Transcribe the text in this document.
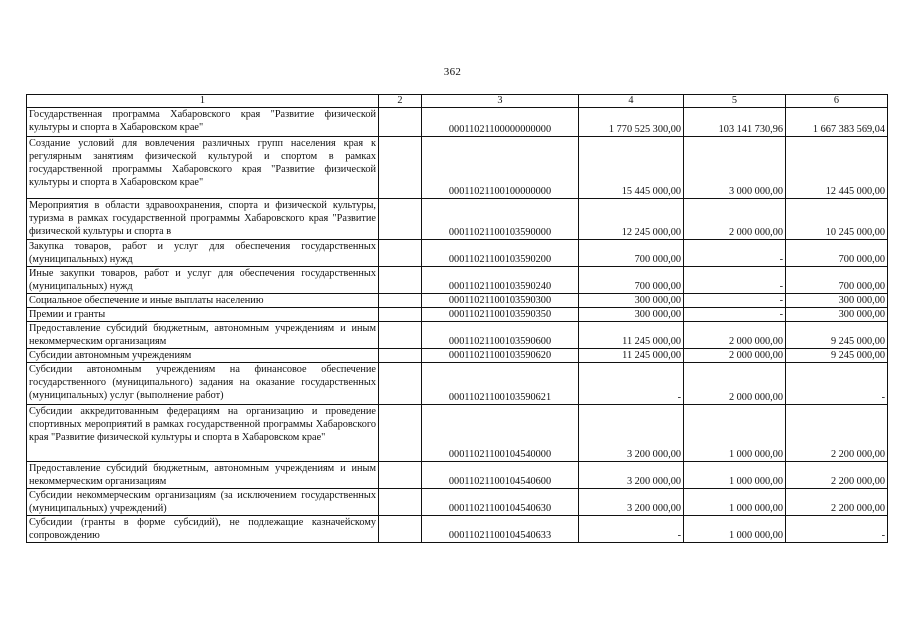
362
1	2	3	4	5	6
Государственная программа Хабаровского края "Развитие физической культуры и спорта в Хабаровском крае"		00011021100000000000	1 770 525 300,00	103 141 730,96	1 667 383 569,04
Создание условий для вовлечения различных групп населения края к регулярным занятиям физической культурой и спортом в рамках государственной программы Хабаровского края "Развитие физической культуры и спорта в Хабаровском крае"		00011021100100000000	15 445 000,00	3 000 000,00	12 445 000,00
Мероприятия в области здравоохранения, спорта и физической культуры, туризма в рамках государственной программы Хабаровского края "Развитие физической культуры и спорта в		00011021100103590000	12 245 000,00	2 000 000,00	10 245 000,00
Закупка товаров, работ и услуг для обеспечения государственных (муниципальных) нужд		00011021100103590200	700 000,00	-	700 000,00
Иные закупки товаров, работ и услуг для обеспечения государственных (муниципальных) нужд		00011021100103590240	700 000,00	-	700 000,00
Социальное обеспечение и иные выплаты населению		00011021100103590300	300 000,00	-	300 000,00
Премии и гранты		00011021100103590350	300 000,00	-	300 000,00
Предоставление субсидий бюджетным, автономным учреждениям и иным некоммерческим организациям		00011021100103590600	11 245 000,00	2 000 000,00	9 245 000,00
Субсидии автономным учреждениям		00011021100103590620	11 245 000,00	2 000 000,00	9 245 000,00
Субсидии автономным учреждениям на финансовое обеспечение государственного (муниципального) задания на оказание государственных (муниципальных) услуг (выполнение работ)		00011021100103590621	-	2 000 000,00	-
Субсидии аккредитованным федерациям на организацию и проведение спортивных мероприятий в рамках государственной программы Хабаровского края "Развитие физической культуры и спорта в Хабаровском крае"		00011021100104540000	3 200 000,00	1 000 000,00	2 200 000,00
Предоставление субсидий бюджетным, автономным учреждениям и иным некоммерческим организациям		00011021100104540600	3 200 000,00	1 000 000,00	2 200 000,00
Субсидии некоммерческим организациям (за исключением государственных (муниципальных) учреждений)		00011021100104540630	3 200 000,00	1 000 000,00	2 200 000,00
Субсидии (гранты в форме субсидий), не подлежащие казначейскому сопровождению		00011021100104540633	-	1 000 000,00	-
